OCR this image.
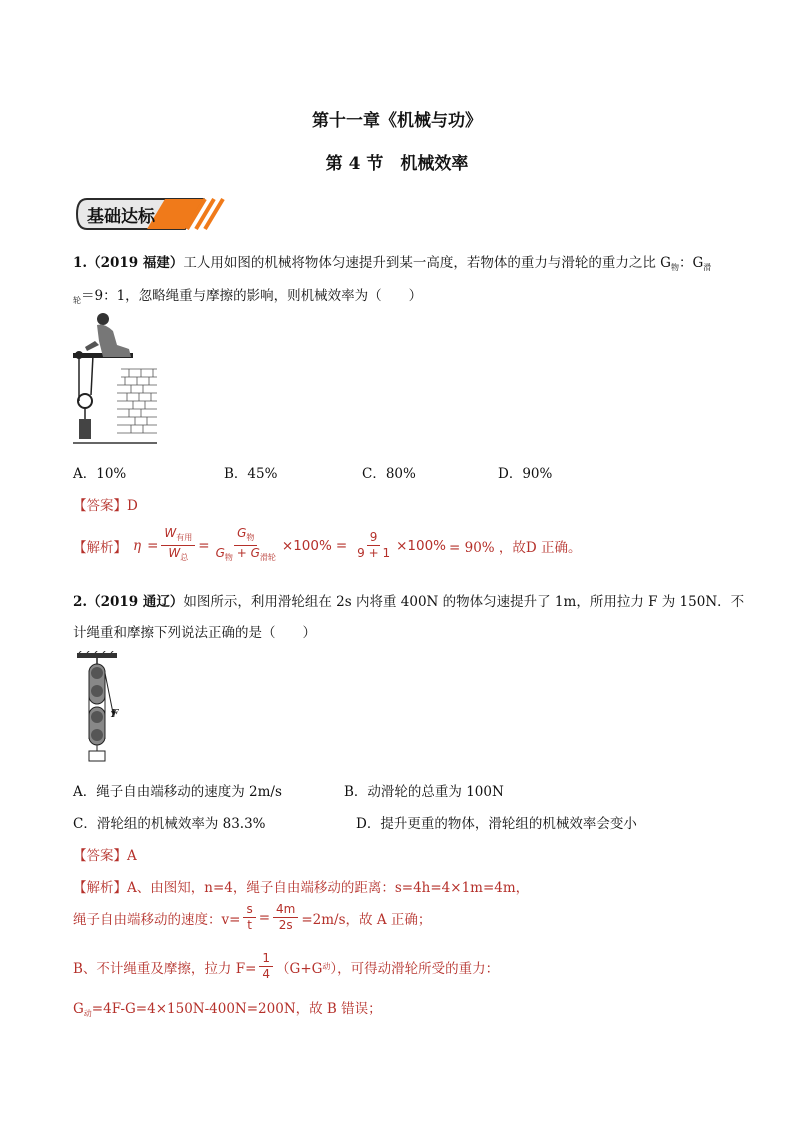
第十一章《机械与功》
第 4 节　机械效率
基础达标
1.（2019 福建）工人用如图的机械将物体匀速提升到某一高度，若物体的重力与滑轮的重力之比 $G_物$：$G_滑$
$_轮$＝9：1，忽略绳重与摩擦的影响，则机械效率为（　　）
A．10%	B．45%	C．80%	D．90%
【答案】D
【解析】 $\eta = \frac{W_{有用}}{W_总} = \frac{G_物}{G_物 + G_{滑轮}} \times 100\% = \frac{9}{9 + 1} \times 100\% = 90\%$ ，故D 正确。
2.（2019 通辽）如图所示，利用滑轮组在 2s 内将重 400N 的物体匀速提升了 1m，所用拉力 F 为 150N．不
计绳重和摩擦下列说法正确的是（　　）
F
A．绳子自由端移动的速度为 2m/s	B．动滑轮的总重为 100N
C．滑轮组的机械效率为 83.3%	D．提升更重的物体，滑轮组的机械效率会变小
【答案】A
【解析】A、由图知，n=4，绳子自由端移动的距离：s=4h=4×1m=4m，
绳子自由端移动的速度：$v= \frac{s}{t} = \frac{4m}{2s} =2m/s$，故 A 正确；
B、不计绳重及摩擦，拉力 $F= \frac{1}{4} (G+G$ 动 ），可得动滑轮所受的重力：
$G_动=4F-G=4\times 150N-400N=200N$，故 B 错误；
